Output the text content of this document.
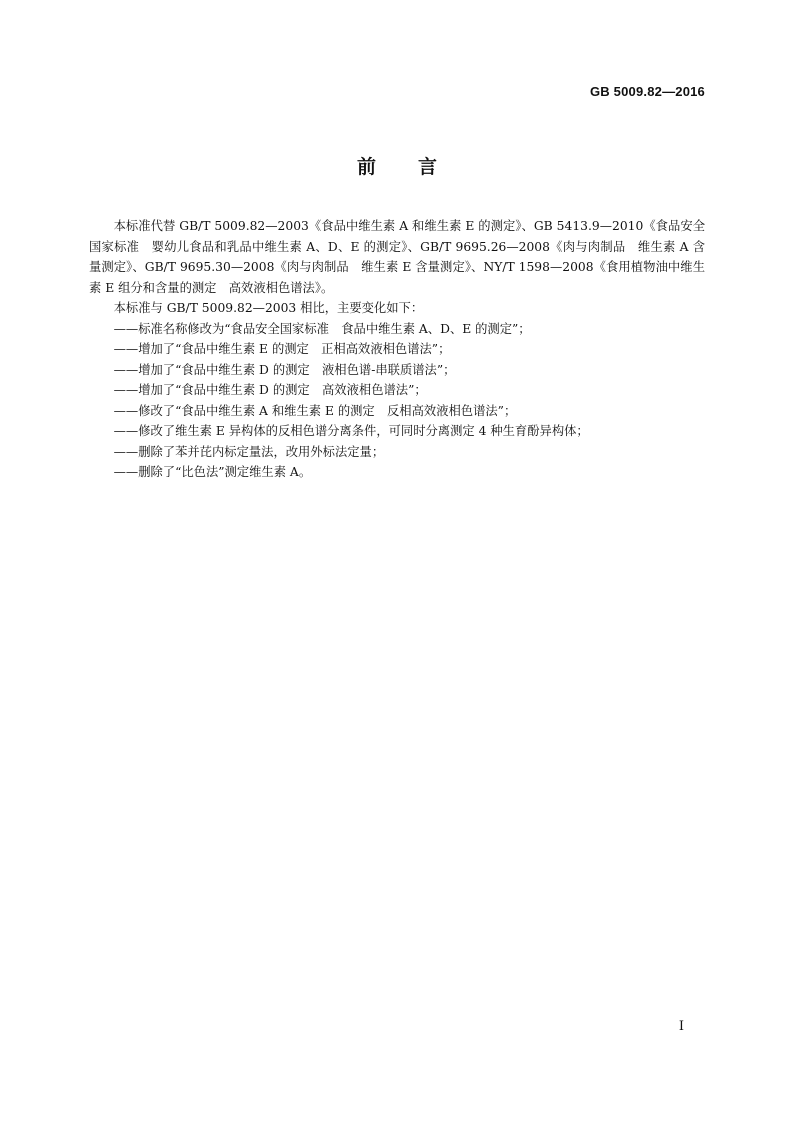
GB 5009.82—2016
前 言

本标准代替 GB/T 5009.82—2003《食品中维生素 A 和维生素 E 的测定》、GB 5413.9—2010《食品安全国家标准　婴幼儿食品和乳品中维生素 A、D、E 的测定》、GB/T 9695.26—2008《肉与肉制品　维生素 A 含量测定》、GB/T 9695.30—2008《肉与肉制品　维生素 E 含量测定》、NY/T 1598—2008《食用植物油中维生素 E 组分和含量的测定　高效液相色谱法》。

本标准与 GB/T 5009.82—2003 相比，主要变化如下：

——标准名称修改为“食品安全国家标准　食品中维生素 A、D、E 的测定”；

——增加了“食品中维生素 E 的测定　正相高效液相色谱法”；

——增加了“食品中维生素 D 的测定　液相色谱-串联质谱法”；

——增加了“食品中维生素 D 的测定　高效液相色谱法”；

——修改了“食品中维生素 A 和维生素 E 的测定　反相高效液相色谱法”；

——修改了维生素 E 异构体的反相色谱分离条件，可同时分离测定 4 种生育酚异构体；

——删除了苯并芘内标定量法，改用外标法定量；

——删除了“比色法”测定维生素 A。

I
